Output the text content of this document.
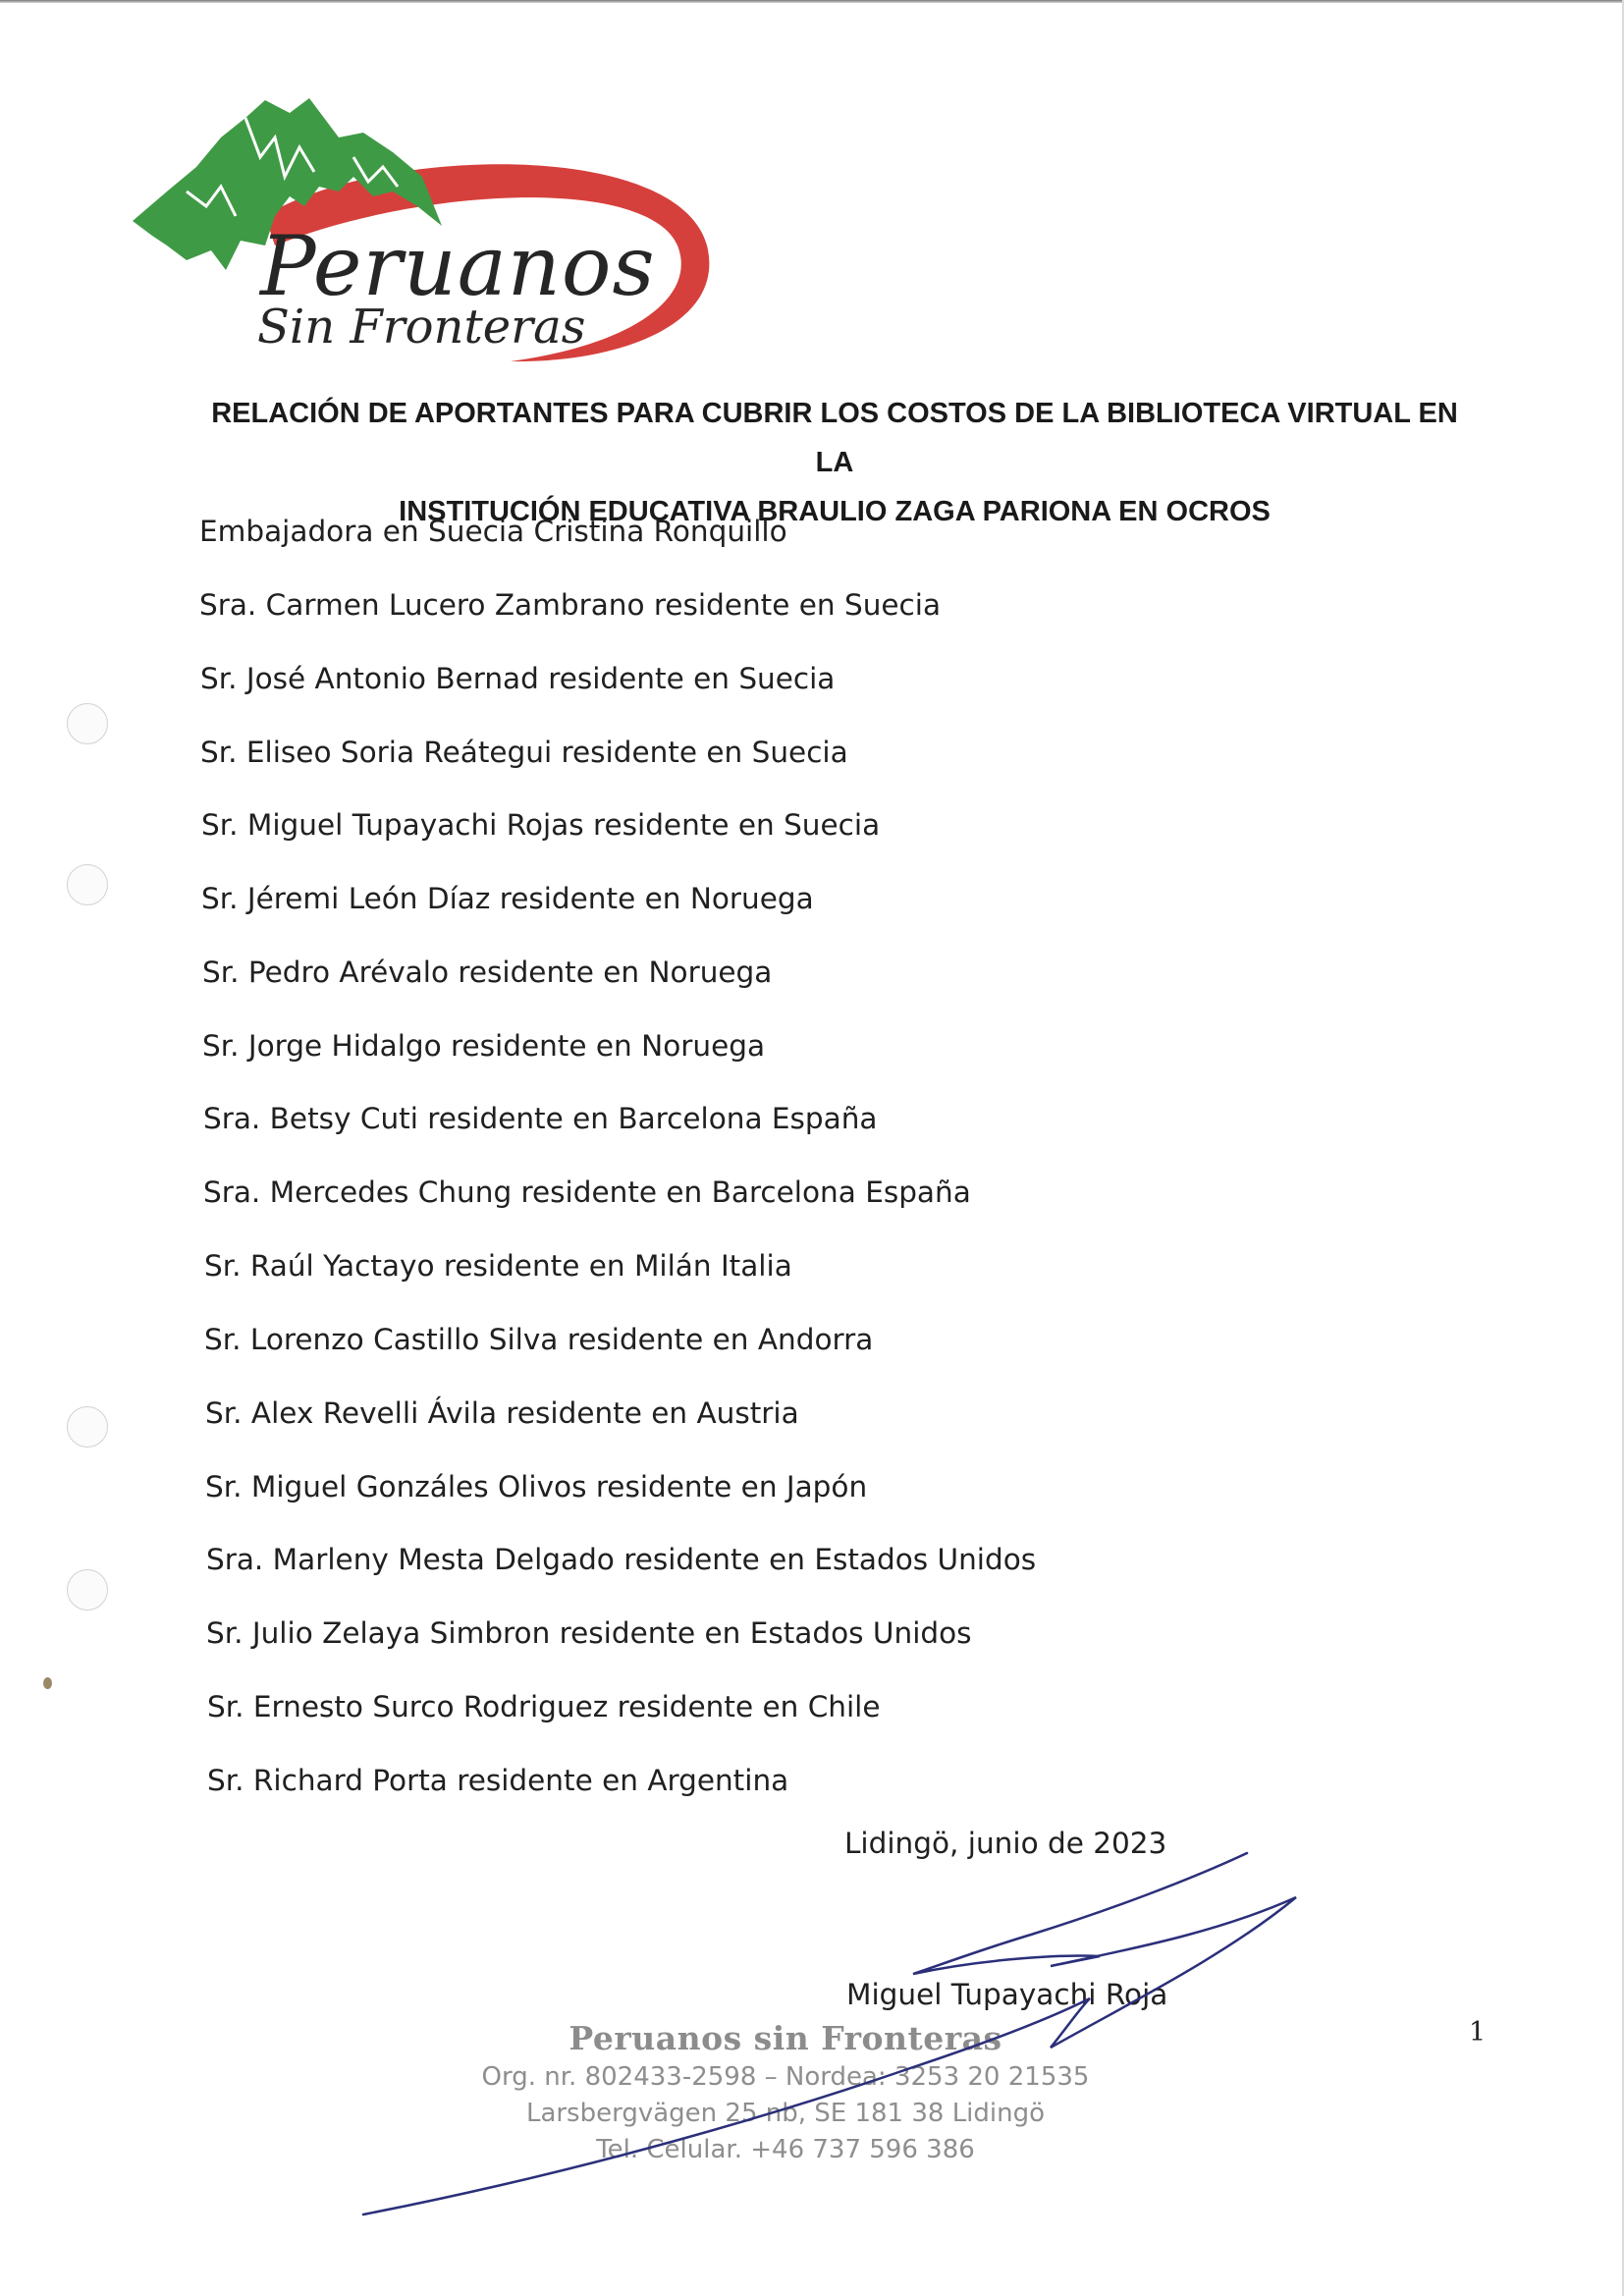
Peruanos
Sin Fronteras
RELACIÓN DE APORTANTES PARA CUBRIR LOS COSTOS DE LA BIBLIOTECA VIRTUAL EN LA
INSTITUCIÓN EDUCATIVA BRAULIO ZAGA PARIONA EN OCROS
Embajadora en Suecia Cristina Ronquillo
Sra. Carmen Lucero Zambrano residente en Suecia
Sr. José Antonio Bernad residente en Suecia
Sr. Eliseo Soria Reátegui residente en Suecia
Sr. Miguel Tupayachi Rojas residente en Suecia
Sr. Jéremi León Díaz residente en Noruega
Sr. Pedro Arévalo residente en Noruega
Sr. Jorge Hidalgo residente en Noruega
Sra. Betsy Cuti residente en Barcelona España
Sra. Mercedes Chung residente en Barcelona España
Sr. Raúl Yactayo residente en Milán Italia
Sr. Lorenzo Castillo Silva residente en Andorra
Sr. Alex Revelli Ávila residente en Austria
Sr. Miguel Gonzáles Olivos residente en Japón
Sra. Marleny Mesta Delgado residente en Estados Unidos
Sr. Julio Zelaya Simbron residente en Estados Unidos
Sr. Ernesto Surco Rodriguez residente en Chile
Sr. Richard Porta residente en Argentina
Lidingö, junio de 2023
Miguel Tupayachi Roja
1
Peruanos sin Fronteras
Org. nr. 802433-2598 – Nordea: 3253 20 21535
Larsbergvägen 25 nb, SE 181 38 Lidingö
Tel. Celular. +46 737 596 386
